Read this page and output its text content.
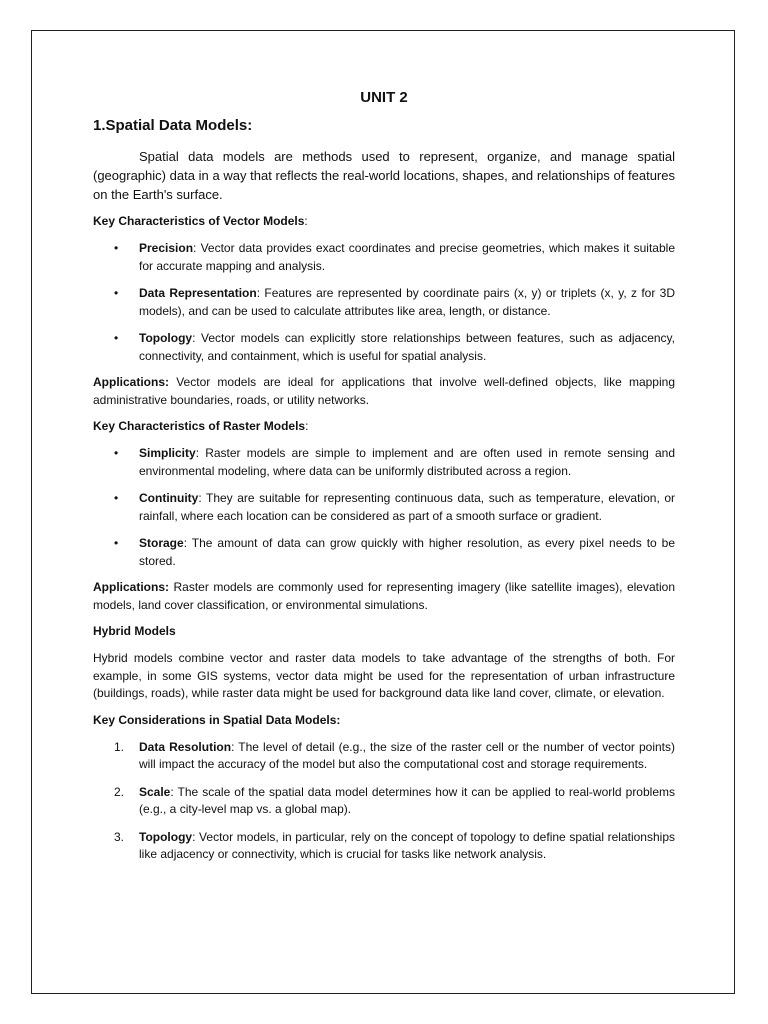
UNIT 2
1.Spatial Data Models:

Spatial data models are methods used to represent, organize, and manage spatial (geographic) data in a way that reflects the real-world locations, shapes, and relationships of features on the Earth's surface.

Key Characteristics of Vector Models:
• Precision: Vector data provides exact coordinates and precise geometries, which makes it suitable for accurate mapping and analysis.
• Data Representation: Features are represented by coordinate pairs (x, y) or triplets (x, y, z for 3D models), and can be used to calculate attributes like area, length, or distance.
• Topology: Vector models can explicitly store relationships between features, such as adjacency, connectivity, and containment, which is useful for spatial analysis.

Applications: Vector models are ideal for applications that involve well-defined objects, like mapping administrative boundaries, roads, or utility networks.

Key Characteristics of Raster Models:
• Simplicity: Raster models are simple to implement and are often used in remote sensing and environmental modeling, where data can be uniformly distributed across a region.
• Continuity: They are suitable for representing continuous data, such as temperature, elevation, or rainfall, where each location can be considered as part of a smooth surface or gradient.
• Storage: The amount of data can grow quickly with higher resolution, as every pixel needs to be stored.

Applications: Raster models are commonly used for representing imagery (like satellite images), elevation models, land cover classification, or environmental simulations.

Hybrid Models

Hybrid models combine vector and raster data models to take advantage of the strengths of both. For example, in some GIS systems, vector data might be used for the representation of urban infrastructure (buildings, roads), while raster data might be used for background data like land cover, climate, or elevation.

Key Considerations in Spatial Data Models:
1. Data Resolution: The level of detail (e.g., the size of the raster cell or the number of vector points) will impact the accuracy of the model but also the computational cost and storage requirements.
2. Scale: The scale of the spatial data model determines how it can be applied to real-world problems (e.g., a city-level map vs. a global map).
3. Topology: Vector models, in particular, rely on the concept of topology to define spatial relationships like adjacency or connectivity, which is crucial for tasks like network analysis.
